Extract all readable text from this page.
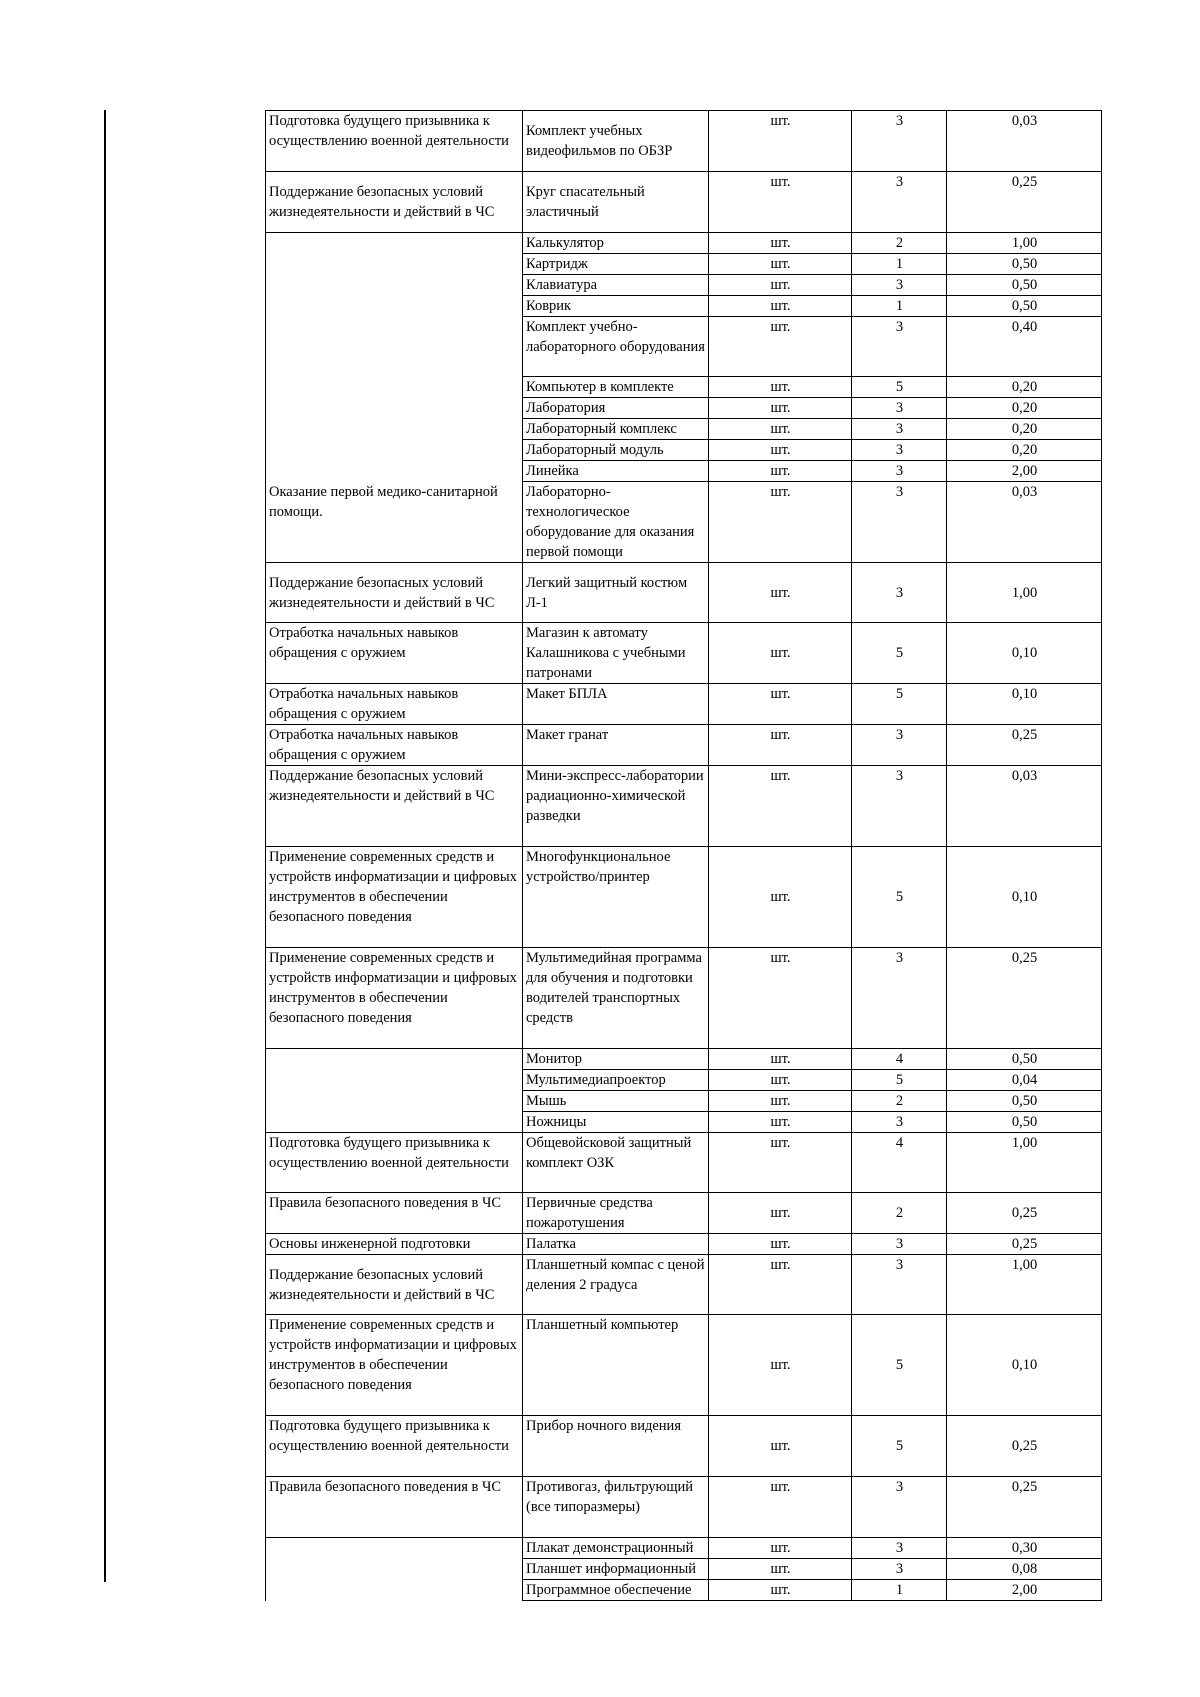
Подготовка будущего призывника к осуществлению военной деятельности	Комплект учебных видеофильмов по ОБЗР	шт.	3	0,03
Поддержание безопасных условий жизнедеятельности и действий в ЧС	Круг спасательный эластичный	шт.	3	0,25
Оказание первой медико-санитарной помощи.	Калькулятор	шт.	2	1,00
	Картридж	шт.	1	0,50
	Клавиатура	шт.	3	0,50
	Коврик	шт.	1	0,50
	Комплект учебно-лабораторного оборудования	шт.	3	0,40
	Компьютер в комплекте	шт.	5	0,20
	Лаборатория	шт.	3	0,20
	Лабораторный комплекс	шт.	3	0,20
	Лабораторный модуль	шт.	3	0,20
	Линейка	шт.	3	2,00
	Лабораторно-технологическое оборудование для оказания первой помощи	шт.	3	0,03
Поддержание безопасных условий жизнедеятельности и действий в ЧС	Легкий защитный костюм Л-1	шт.	3	1,00
Отработка начальных навыков обращения с оружием	Магазин к автомату Калашникова с учебными патронами	шт.	5	0,10
Отработка начальных навыков обращения с оружием	Макет БПЛА	шт.	5	0,10
Отработка начальных навыков обращения с оружием	Макет гранат	шт.	3	0,25
Поддержание безопасных условий жизнедеятельности и действий в ЧС	Мини-экспресс-лаборатории радиационно-химической разведки	шт.	3	0,03
Применение современных средств и устройств информатизации и цифровых инструментов в обеспечении безопасного поведения	Многофункциональное устройство/принтер	шт.	5	0,10
Применение современных средств и устройств информатизации и цифровых инструментов в обеспечении безопасного поведения	Мультимедийная программа для обучения и подготовки водителей транспортных средств	шт.	3	0,25
	Монитор	шт.	4	0,50
	Мультимедиапроектор	шт.	5	0,04
	Мышь	шт.	2	0,50
	Ножницы	шт.	3	0,50
Подготовка будущего призывника к осуществлению военной деятельности	Общевойсковой защитный комплект ОЗК	шт.	4	1,00
Правила безопасного поведения в ЧС	Первичные средства пожаротушения	шт.	2	0,25
Основы инженерной подготовки	Палатка	шт.	3	0,25
Поддержание безопасных условий жизнедеятельности и действий в ЧС	Планшетный компас с ценой деления 2 градуса	шт.	3	1,00
Применение современных средств и устройств информатизации и цифровых инструментов в обеспечении безопасного поведения	Планшетный компьютер	шт.	5	0,10
Подготовка будущего призывника к осуществлению военной деятельности	Прибор ночного видения	шт.	5	0,25
Правила безопасного поведения в ЧС	Противогаз, фильтрующий (все типоразмеры)	шт.	3	0,25
	Плакат демонстрационный	шт.	3	0,30
	Планшет информационный	шт.	3	0,08
	Программное обеспечение	шт.	1	2,00
